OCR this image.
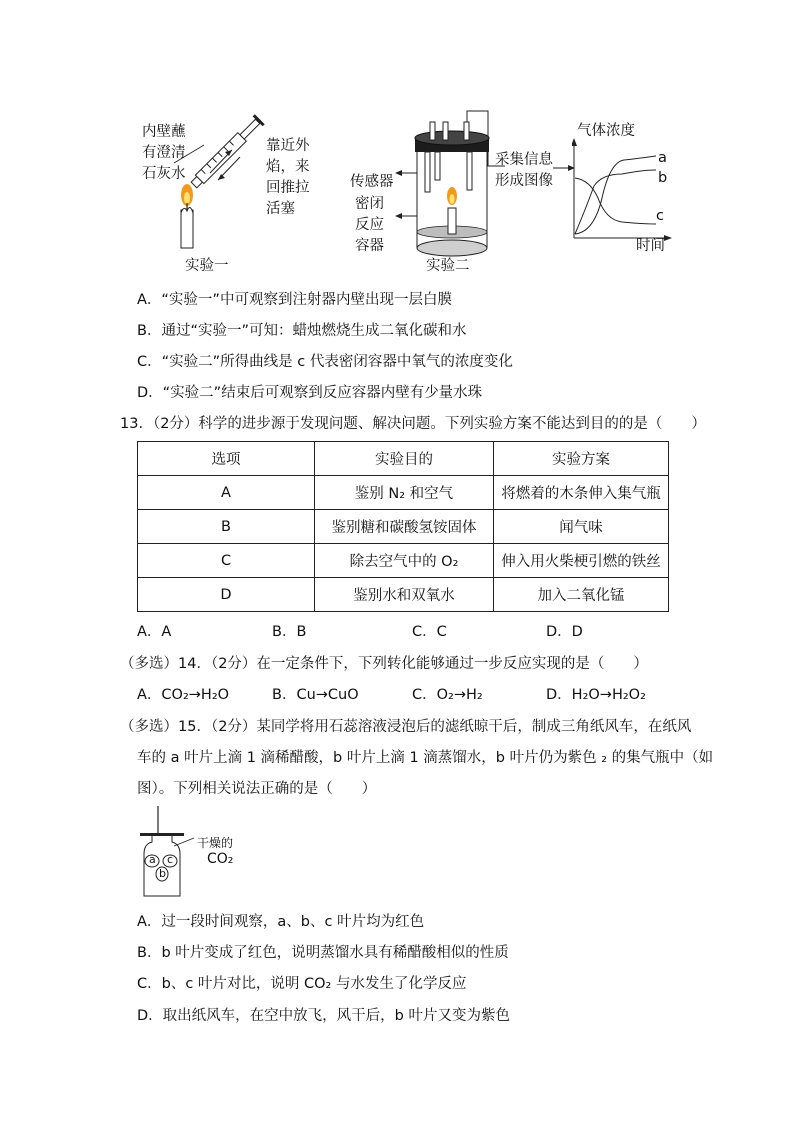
内壁蘸
有澄清
石灰水
靠近外
焰，来
回推拉
活塞
实验一
传感器
密闭
反应
容器
采集信息
形成图像
实验二
气体浓度
时间
a
b
c
A．“实验一”中可观察到注射器内壁出现一层白膜
B．通过“实验一”可知：蜡烛燃烧生成二氧化碳和水
C．“实验二”所得曲线是 c 代表密闭容器中氧气的浓度变化
D．“实验二”结束后可观察到反应容器内壁有少量水珠
13．（2分）科学的进步源于发现问题、解决问题。下列实验方案不能达到目的的是（　　）
选项	实验目的	实验方案
A	鉴别 N₂ 和空气	将燃着的木条伸入集气瓶
B	鉴别糖和碳酸氢铵固体	闻气味
C	除去空气中的 O₂	伸入用火柴梗引燃的铁丝
D	鉴别水和双氧水	加入二氧化锰
A．A	B．B	C．C	D．D
（多选）14．（2分）在一定条件下，下列转化能够通过一步反应实现的是（　　）
A．CO₂→H₂O	B．Cu→CuO	C．O₂→H₂	D．H₂O→H₂O₂
（多选）15．（2分）某同学将用石蕊溶液浸泡后的滤纸晾干后，制成三角纸风车，在纸风
车的 a 叶片上滴 1 滴稀醋酸，b 叶片上滴 1 滴蒸馏水，b 叶片仍为紫色 ₂ 的集气瓶中（如
图）。下列相关说法正确的是（　　）
a c
b
干燥的
CO₂
A．过一段时间观察，a、b、c 叶片均为红色
B．b 叶片变成了红色，说明蒸馏水具有稀醋酸相似的性质
C．b、c 叶片对比，说明 CO₂ 与水发生了化学反应
D．取出纸风车，在空中放飞，风干后，b 叶片又变为紫色
